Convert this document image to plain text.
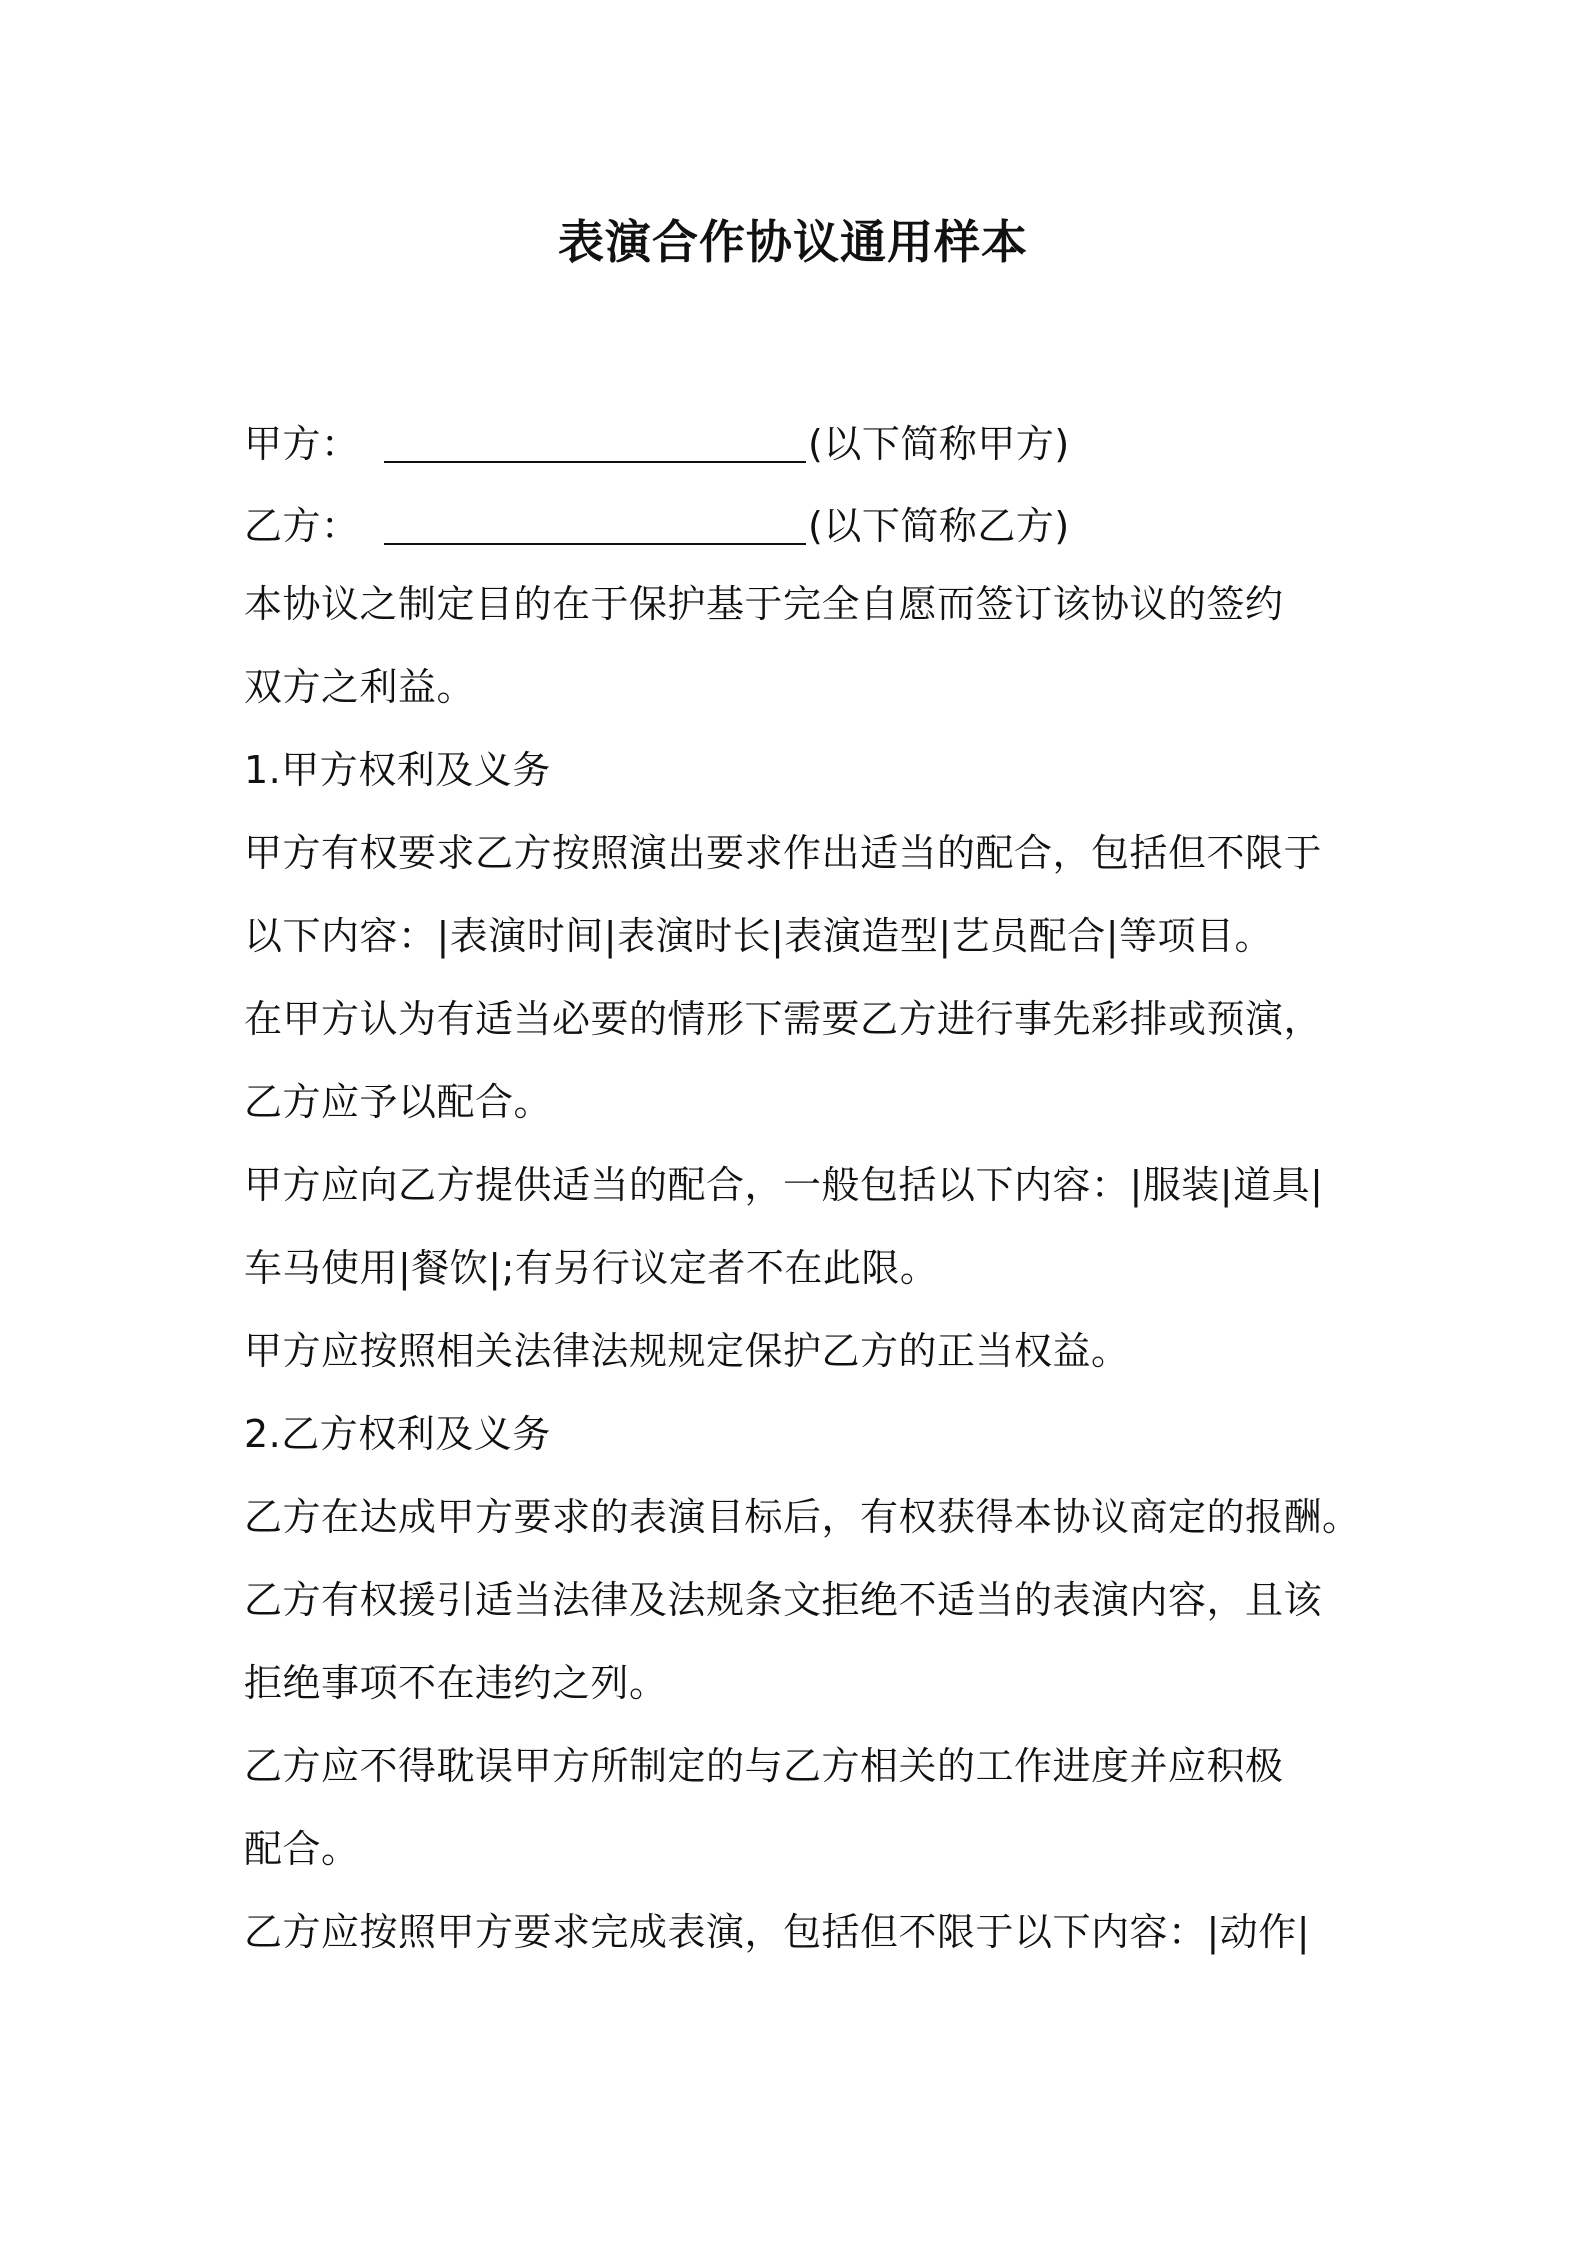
表演合作协议通用样本
甲方：	(以下简称甲方)
乙方：	(以下简称乙方)
本协议之制定目的在于保护基于完全自愿而签订该协议的签约
双方之利益。
1.甲方权利及义务
甲方有权要求乙方按照演出要求作出适当的配合，包括但不限于
以下内容：|表演时间|表演时长|表演造型|艺员配合|等项目。
在甲方认为有适当必要的情形下需要乙方进行事先彩排或预演，
乙方应予以配合。
甲方应向乙方提供适当的配合，一般包括以下内容：|服装|道具|
车马使用|餐饮|;有另行议定者不在此限。
甲方应按照相关法律法规规定保护乙方的正当权益。
2.乙方权利及义务
乙方在达成甲方要求的表演目标后，有权获得本协议商定的报酬。
乙方有权援引适当法律及法规条文拒绝不适当的表演内容，且该
拒绝事项不在违约之列。
乙方应不得耽误甲方所制定的与乙方相关的工作进度并应积极
配合。
乙方应按照甲方要求完成表演，包括但不限于以下内容：|动作|
